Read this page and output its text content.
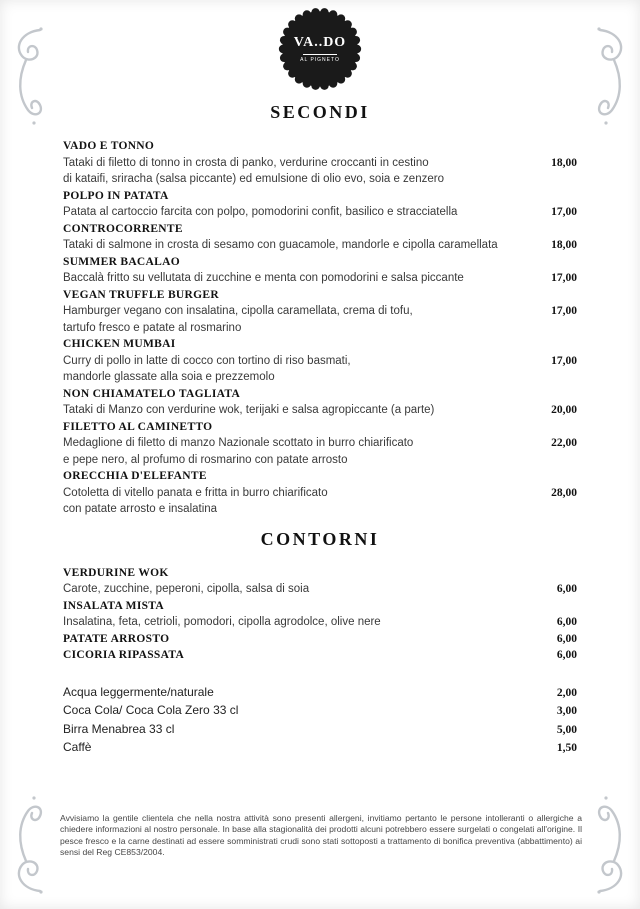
VA..DO
AL PIGNETO
SECONDI
VADO E TONNO
Tataki di filetto di tonno in crosta di panko, verdurine croccanti in cestino	18,00
di kataifi, sriracha (salsa piccante) ed emulsione di olio evo, soia e zenzero
POLPO IN PATATA
Patata al cartoccio farcita con polpo, pomodorini confit, basilico e stracciatella	17,00
CONTROCORRENTE
Tataki di salmone in crosta di sesamo con guacamole, mandorle e cipolla caramellata	18,00
SUMMER BACALAO
Baccalà fritto su vellutata di zucchine e menta con pomodorini e salsa piccante	17,00
VEGAN TRUFFLE BURGER
Hamburger vegano con insalatina, cipolla caramellata, crema di tofu,	17,00
tartufo fresco e patate al rosmarino
CHICKEN MUMBAI
Curry di pollo in latte di cocco con tortino di riso basmati,	17,00
mandorle glassate alla soia e prezzemolo
NON CHIAMATELO TAGLIATA
Tataki di Manzo con verdurine wok, terijaki e salsa agropiccante (a parte)	20,00
FILETTO AL CAMINETTO
Medaglione di filetto di manzo Nazionale scottato in burro chiarificato	22,00
e pepe nero, al profumo di rosmarino con patate arrosto
ORECCHIA D'ELEFANTE
Cotoletta di vitello panata e fritta in burro chiarificato	28,00
con patate arrosto e insalatina
CONTORNI
VERDURINE WOK
Carote, zucchine, peperoni, cipolla, salsa di soia	6,00
INSALATA MISTA
Insalatina, feta, cetrioli, pomodori, cipolla agrodolce, olive nere	6,00
PATATE ARROSTO	6,00
CICORIA RIPASSATA	6,00
Acqua leggermente/naturale	2,00
Coca Cola/ Coca Cola Zero 33 cl	3,00
Birra Menabrea 33 cl	5,00
Caffè	1,50
Avvisiamo la gentile clientela che nella nostra attività sono presenti allergeni, invitiamo pertanto le persone intolleranti o allergiche a chiedere informazioni al nostro personale. In base alla stagionalità dei prodotti alcuni potrebbero essere surgelati o congelati all'origine. Il pesce fresco e la carne destinati ad essere somministrati crudi sono stati sottoposti a trattamento di bonifica preventiva (abbattimento) ai sensi del Reg CE853/2004.
